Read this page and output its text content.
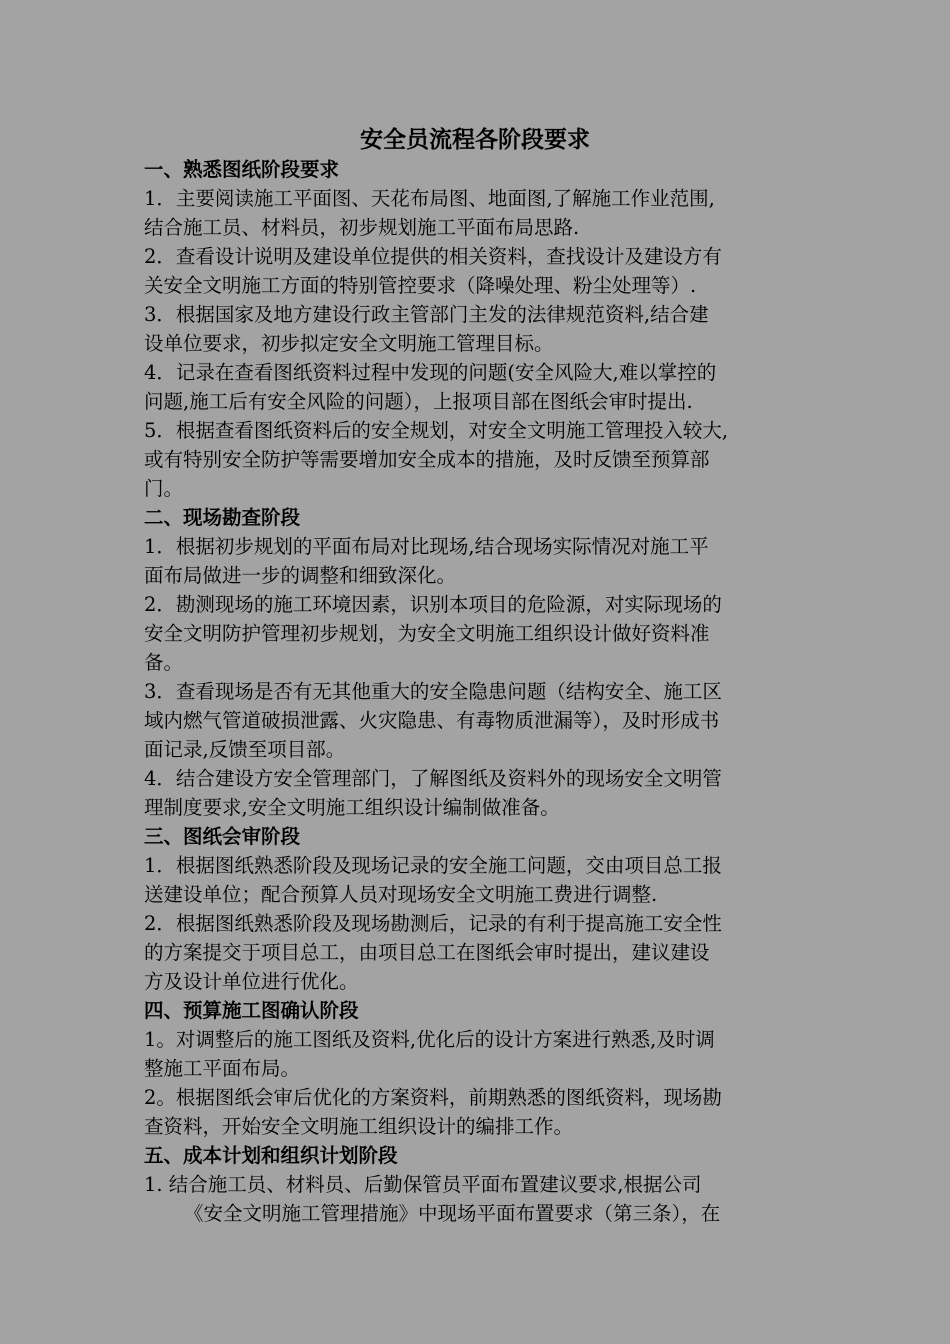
安全员流程各阶段要求
一、熟悉图纸阶段要求
1．主要阅读施工平面图、天花布局图、地面图,了解施工作业范围,
结合施工员、材料员，初步规划施工平面布局思路.
2．查看设计说明及建设单位提供的相关资料，查找设计及建设方有
关安全文明施工方面的特别管控要求（降噪处理、粉尘处理等）.
3．根据国家及地方建设行政主管部门主发的法律规范资料,结合建
设单位要求，初步拟定安全文明施工管理目标。
4．记录在查看图纸资料过程中发现的问题(安全风险大,难以掌控的
问题,施工后有安全风险的问题），上报项目部在图纸会审时提出.
5．根据查看图纸资料后的安全规划，对安全文明施工管理投入较大,
或有特别安全防护等需要增加安全成本的措施，及时反馈至预算部
门。
二、现场勘查阶段
1．根据初步规划的平面布局对比现场,结合现场实际情况对施工平
面布局做进一步的调整和细致深化。
2．勘测现场的施工环境因素，识别本项目的危险源，对实际现场的
安全文明防护管理初步规划，为安全文明施工组织设计做好资料准
备。
3．查看现场是否有无其他重大的安全隐患问题（结构安全、施工区
域内燃气管道破损泄露、火灾隐患、有毒物质泄漏等），及时形成书
面记录,反馈至项目部。
4．结合建设方安全管理部门，了解图纸及资料外的现场安全文明管
理制度要求,安全文明施工组织设计编制做准备。
三、图纸会审阶段
1．根据图纸熟悉阶段及现场记录的安全施工问题，交由项目总工报
送建设单位；配合预算人员对现场安全文明施工费进行调整.
2．根据图纸熟悉阶段及现场勘测后，记录的有利于提高施工安全性
的方案提交于项目总工，由项目总工在图纸会审时提出，建议建设
方及设计单位进行优化。
四、预算施工图确认阶段
1。对调整后的施工图纸及资料,优化后的设计方案进行熟悉,及时调
整施工平面布局。
2。根据图纸会审后优化的方案资料，前期熟悉的图纸资料，现场勘
查资料，开始安全文明施工组织设计的编排工作。
五、成本计划和组织计划阶段
1. 结合施工员、材料员、后勤保管员平面布置建议要求,根据公司
《安全文明施工管理措施》中现场平面布置要求（第三条），在
